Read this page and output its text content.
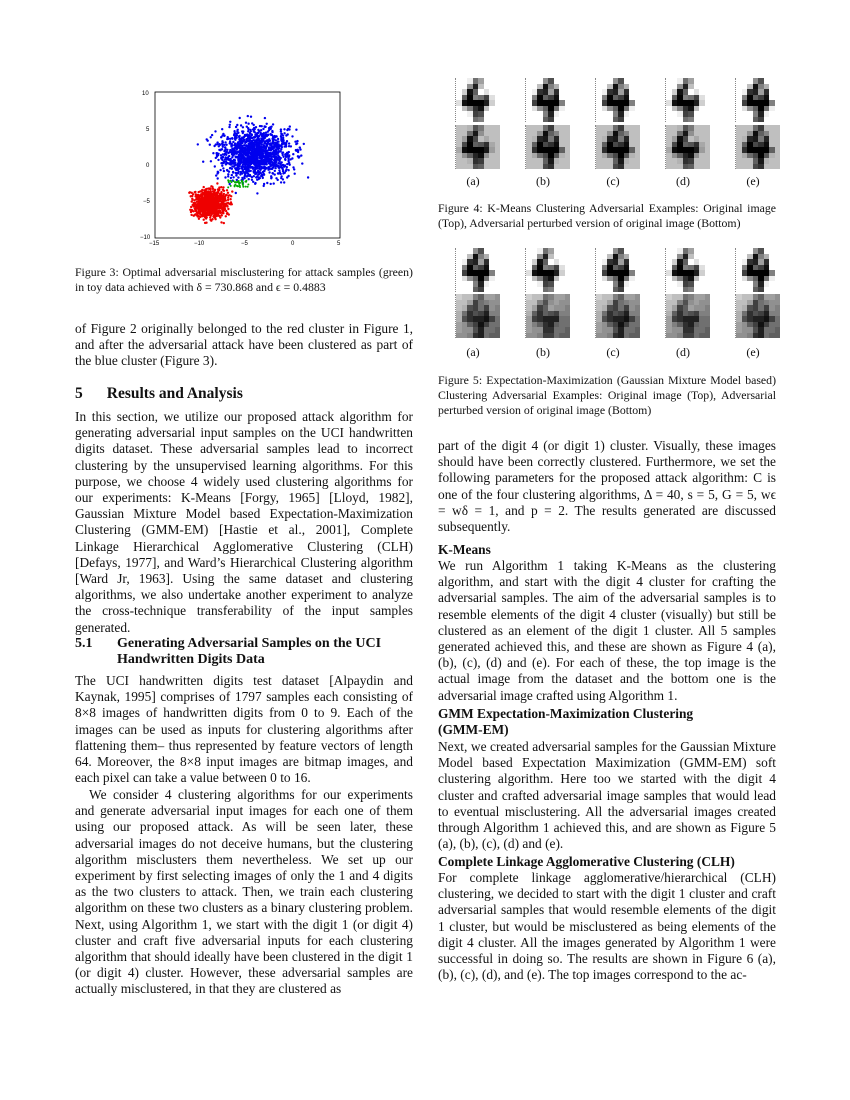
10
5
0
−5
−10
−15	−10	−5	0	5

Figure 3: Optimal adversarial misclustering for attack samples (green) in toy data achieved with δ = 730.868 and ϵ = 0.4883

of Figure 2 originally belonged to the red cluster in Figure 1, and after the adversarial attack have been clustered as part of the blue cluster (Figure 3).

5 Results and Analysis

In this section, we utilize our proposed attack algorithm for generating adversarial input samples on the UCI handwritten digits dataset. These adversarial samples lead to incorrect clustering by the unsupervised learning algorithms. For this purpose, we choose 4 widely used clustering algorithms for our experiments: K-Means [Forgy, 1965] [Lloyd, 1982], Gaussian Mixture Model based Expectation-Maximization Clustering (GMM-EM) [Hastie et al., 2001], Complete Linkage Hierarchical Agglomerative Clustering (CLH) [Defays, 1977], and Ward’s Hierarchical Clustering algorithm [Ward Jr, 1963]. Using the same dataset and clustering algorithms, we also undertake another experiment to analyze the cross-technique transferability of the input samples generated.

5.1	Generating Adversarial Samples on the UCI
Handwritten Digits Data

The UCI handwritten digits test dataset [Alpaydin and Kaynak, 1995] comprises of 1797 samples each consisting of 8×8 images of handwritten digits from 0 to 9. Each of the images can be used as inputs for clustering algorithms after flattening them– thus represented by feature vectors of length 64. Moreover, the 8×8 input images are bitmap images, and each pixel can take a value between 0 to 16.

We consider 4 clustering algorithms for our experiments and generate adversarial input images for each one of them using our proposed attack. As will be seen later, these adversarial images do not deceive humans, but the clustering algorithm misclusters them nevertheless. We set up our experiment by first selecting images of only the 1 and 4 digits as the two clusters to attack. Then, we train each clustering algorithm on these two clusters as a binary clustering problem. Next, using Algorithm 1, we start with the digit 1 (or digit 4) cluster and craft five adversarial inputs for each clustering algorithm that should ideally have been clustered in the digit 1 (or digit 4) cluster. However, these adversarial samples are actually misclustered, in that they are clustered as

(a)	(b)	(c)	(d)	(e)

Figure 4: K-Means Clustering Adversarial Examples: Original image (Top), Adversarial perturbed version of original image (Bottom)

(a)	(b)	(c)	(d)	(e)

Figure 5: Expectation-Maximization (Gaussian Mixture Model based) Clustering Adversarial Examples: Original image (Top), Adversarial perturbed version of original image (Bottom)

part of the digit 4 (or digit 1) cluster. Visually, these images should have been correctly clustered. Furthermore, we set the following parameters for the proposed attack algorithm: C is one of the four clustering algorithms, Δ = 40, s = 5, G = 5, wϵ = wδ = 1, and p = 2. The results generated are discussed subsequently.

K-Means

We run Algorithm 1 taking K-Means as the clustering algorithm, and start with the digit 4 cluster for crafting the adversarial samples. The aim of the adversarial samples is to resemble elements of the digit 4 cluster (visually) but still be clustered as an element of the digit 1 cluster. All 5 samples generated achieved this, and these are shown as Figure 4 (a), (b), (c), (d) and (e). For each of these, the top image is the actual image from the dataset and the bottom one is the adversarial image crafted using Algorithm 1.

GMM Expectation-Maximization Clustering

(GMM-EM)

Next, we created adversarial samples for the Gaussian Mixture Model based Expectation Maximization (GMM-EM) soft clustering algorithm. Here too we started with the digit 4 cluster and crafted adversarial image samples that would lead to eventual misclustering. All the adversarial images created through Algorithm 1 achieved this, and are shown as Figure 5 (a), (b), (c), (d) and (e).

Complete Linkage Agglomerative Clustering (CLH)

For complete linkage agglomerative/hierarchical (CLH) clustering, we decided to start with the digit 1 cluster and craft adversarial samples that would resemble elements of the digit 1 cluster, but would be misclustered as being elements of the digit 4 cluster. All the images generated by Algorithm 1 were successful in doing so. The results are shown in Figure 6 (a), (b), (c), (d), and (e). The top images correspond to the ac-
